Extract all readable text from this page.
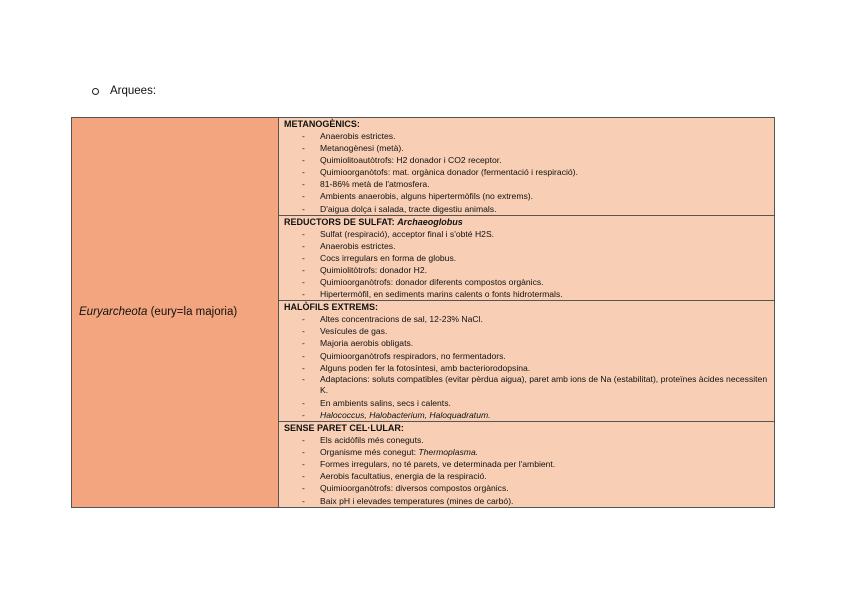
Arquees:
Euryarcheota (eury=la majoria)	
METANOGÈNICS:
- Anaerobis estrictes.
- Metanogènesi (metà).
- Quimiolitoautòtrofs: H2 donador i CO2 receptor.
- Quimioorganòtofs: mat. orgànica donador (fermentació i respiració).
- 81-86% metà de l'atmosfera.
- Ambients anaerobis, alguns hipertermòfils (no extrems).
- D'aigua dolça i salada, tracte digestiu animals.

REDUCTORS DE SULFAT: Archaeoglobus
- Sulfat (respiració), acceptor final i s'obté H2S.
- Anaerobis estrictes.
- Cocs irregulars en forma de globus.
- Quimiolitòtrofs: donador H2.
- Quimioorganòtrofs: donador diferents compostos orgànics.
- Hipertermòfil, en sediments marins calents o fonts hidrotermals.

HALÒFILS EXTREMS:
- Altes concentracions de sal, 12-23% NaCl.
- Vesícules de gas.
- Majoria aerobis obligats.
- Quimioorganòtrofs respiradors, no fermentadors.
- Alguns poden fer la fotosíntesi, amb bacteriorodopsina.
- Adaptacions: soluts compatibles (evitar pèrdua aigua), paret amb ions de Na (estabilitat), proteïnes àcides necessiten K.
- En ambients salins, secs i calents.
- Halococcus, Halobacterium, Haloquadratum.

SENSE PARET CEL·LULAR:
- Els acidòfils més coneguts.
- Organisme més conegut: Thermoplasma.
- Formes irregulars, no té parets, ve determinada per l'ambient.
- Aerobis facultatius, energia de la respiració.
- Quimioorganòtrofs: diversos compostos orgànics.
- Baix pH i elevades temperatures (mines de carbó).
